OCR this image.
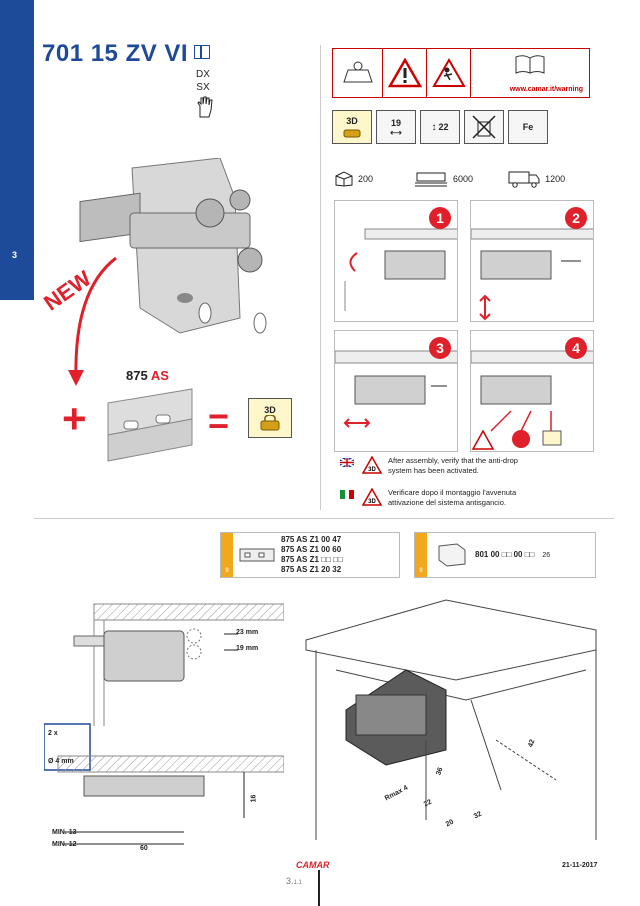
3
701 15 ZV VI
DX
SX
NEW
875 AS
+	=	3D
www.camar.it/warning
3D	19
⟷	↕ 22	Fe
200	6000	1200
1	2
3	4
3D
After assembly, verify that the anti-drop system has been activated.
3D
Verificare dopo il montaggio l'avvenuta attivazione del sistema antisgancio.
9
875 AS Z1 00 47
875 AS Z1 00 60
875 AS Z1 □□ □□
875 AS Z1 20 32	9
801 00 □□ 00 □□ 26
23 mm
19 mm
2 x
Ø 4 mm
16
MIN. 13
MIN. 12
60
42
36
Rmax 4
22
20
32
CAMAR	21-11-2017
3.1.1
